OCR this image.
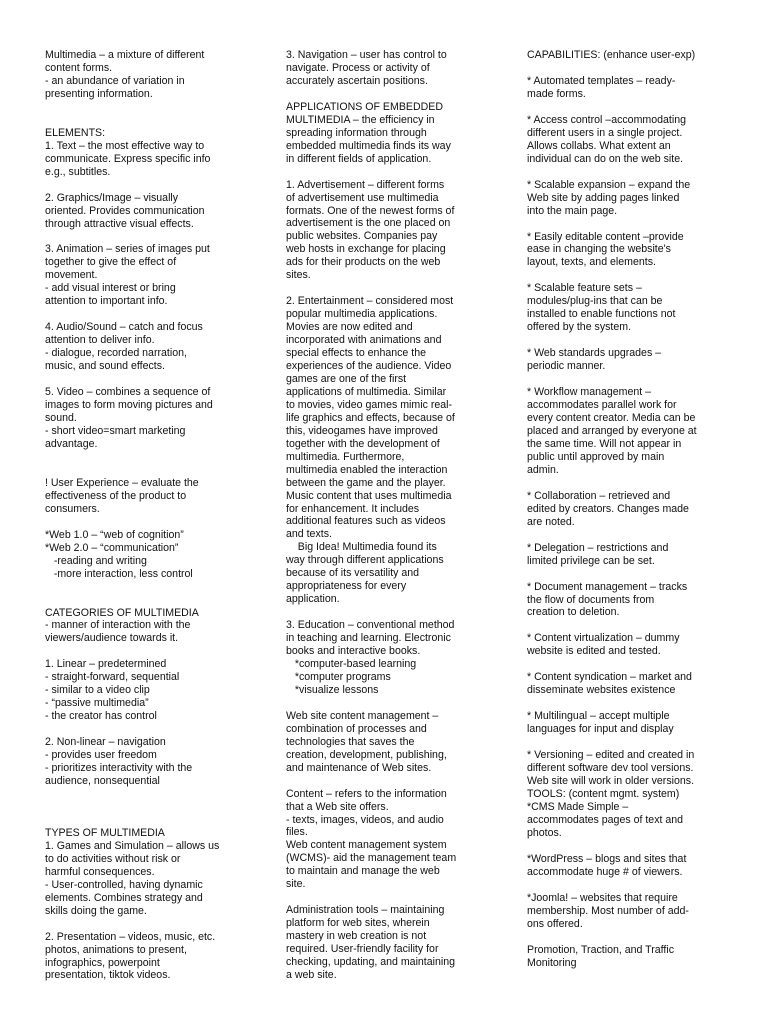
Multimedia – a mixture of different
content forms.
- an abundance of variation in
presenting information.
ELEMENTS:
1. Text – the most effective way to
communicate. Express specific info
e.g., subtitles.
2. Graphics/Image – visually
oriented. Provides communication
through attractive visual effects.
3. Animation – series of images put
together to give the effect of
movement.
- add visual interest or bring
attention to important info.
4. Audio/Sound – catch and focus
attention to deliver info.
- dialogue, recorded narration,
music, and sound effects.
5. Video – combines a sequence of
images to form moving pictures and
sound.
- short video=smart marketing
advantage.
! User Experience – evaluate the
effectiveness of the product to
consumers.
*Web 1.0 – “web of cognition”
*Web 2.0 – “communication”
-reading and writing
-more interaction, less control
CATEGORIES OF MULTIMEDIA
- manner of interaction with the
viewers/audience towards it.
1. Linear – predetermined
- straight-forward, sequential
- similar to a video clip
- “passive multimedia”
- the creator has control
2. Non-linear – navigation
- provides user freedom
- prioritizes interactivity with the
audience, nonsequential
TYPES OF MULTIMEDIA
1. Games and Simulation – allows us
to do activities without risk or
harmful consequences.
- User-controlled, having dynamic
elements. Combines strategy and
skills doing the game.
2. Presentation – videos, music, etc.
photos, animations to present,
infographics, powerpoint
presentation, tiktok videos.
3. Navigation – user has control to
navigate. Process or activity of
accurately ascertain positions.
APPLICATIONS OF EMBEDDED
MULTIMEDIA – the efficiency in
spreading information through
embedded multimedia finds its way
in different fields of application.
1. Advertisement – different forms
of advertisement use multimedia
formats. One of the newest forms of
advertisement is the one placed on
public websites. Companies pay
web hosts in exchange for placing
ads for their products on the web
sites.
2. Entertainment – considered most
popular multimedia applications.
Movies are now edited and
incorporated with animations and
special effects to enhance the
experiences of the audience. Video
games are one of the first
applications of multimedia. Similar
to movies, video games mimic real-
life graphics and effects, because of
this, videogames have improved
together with the development of
multimedia. Furthermore,
multimedia enabled the interaction
between the game and the player.
Music content that uses multimedia
for enhancement. It includes
additional features such as videos
and texts.
Big Idea! Multimedia found its
way through different applications
because of its versatility and
appropriateness for every
application.
3. Education – conventional method
in teaching and learning. Electronic
books and interactive books.
*computer-based learning
*computer programs
*visualize lessons
Web site content management –
combination of processes and
technologies that saves the
creation, development, publishing,
and maintenance of Web sites.
Content – refers to the information
that a Web site offers.
- texts, images, videos, and audio
files.
Web content management system
(WCMS)- aid the management team
to maintain and manage the web
site.
Administration tools – maintaining
platform for web sites, wherein
mastery in web creation is not
required. User-friendly facility for
checking, updating, and maintaining
a web site.
CAPABILITIES: (enhance user-exp)
* Automated templates – ready-
made forms.
* Access control –accommodating
different users in a single project.
Allows collabs. What extent an
individual can do on the web site.
* Scalable expansion – expand the
Web site by adding pages linked
into the main page.
* Easily editable content –provide
ease in changing the website's
layout, texts, and elements.
* Scalable feature sets –
modules/plug-ins that can be
installed to enable functions not
offered by the system.
* Web standards upgrades –
periodic manner.
* Workflow management –
accommodates parallel work for
every content creator. Media can be
placed and arranged by everyone at
the same time. Will not appear in
public until approved by main
admin.
* Collaboration – retrieved and
edited by creators. Changes made
are noted.
* Delegation – restrictions and
limited privilege can be set.
* Document management – tracks
the flow of documents from
creation to deletion.
* Content virtualization – dummy
website is edited and tested.
* Content syndication – market and
disseminate websites existence
* Multilingual – accept multiple
languages for input and display
* Versioning – edited and created in
different software dev tool versions.
Web site will work in older versions.
TOOLS: (content mgmt. system)
*CMS Made Simple –
accommodates pages of text and
photos.
*WordPress – blogs and sites that
accommodate huge # of viewers.
*Joomla! – websites that require
membership. Most number of add-
ons offered.
Promotion, Traction, and Traffic
Monitoring
